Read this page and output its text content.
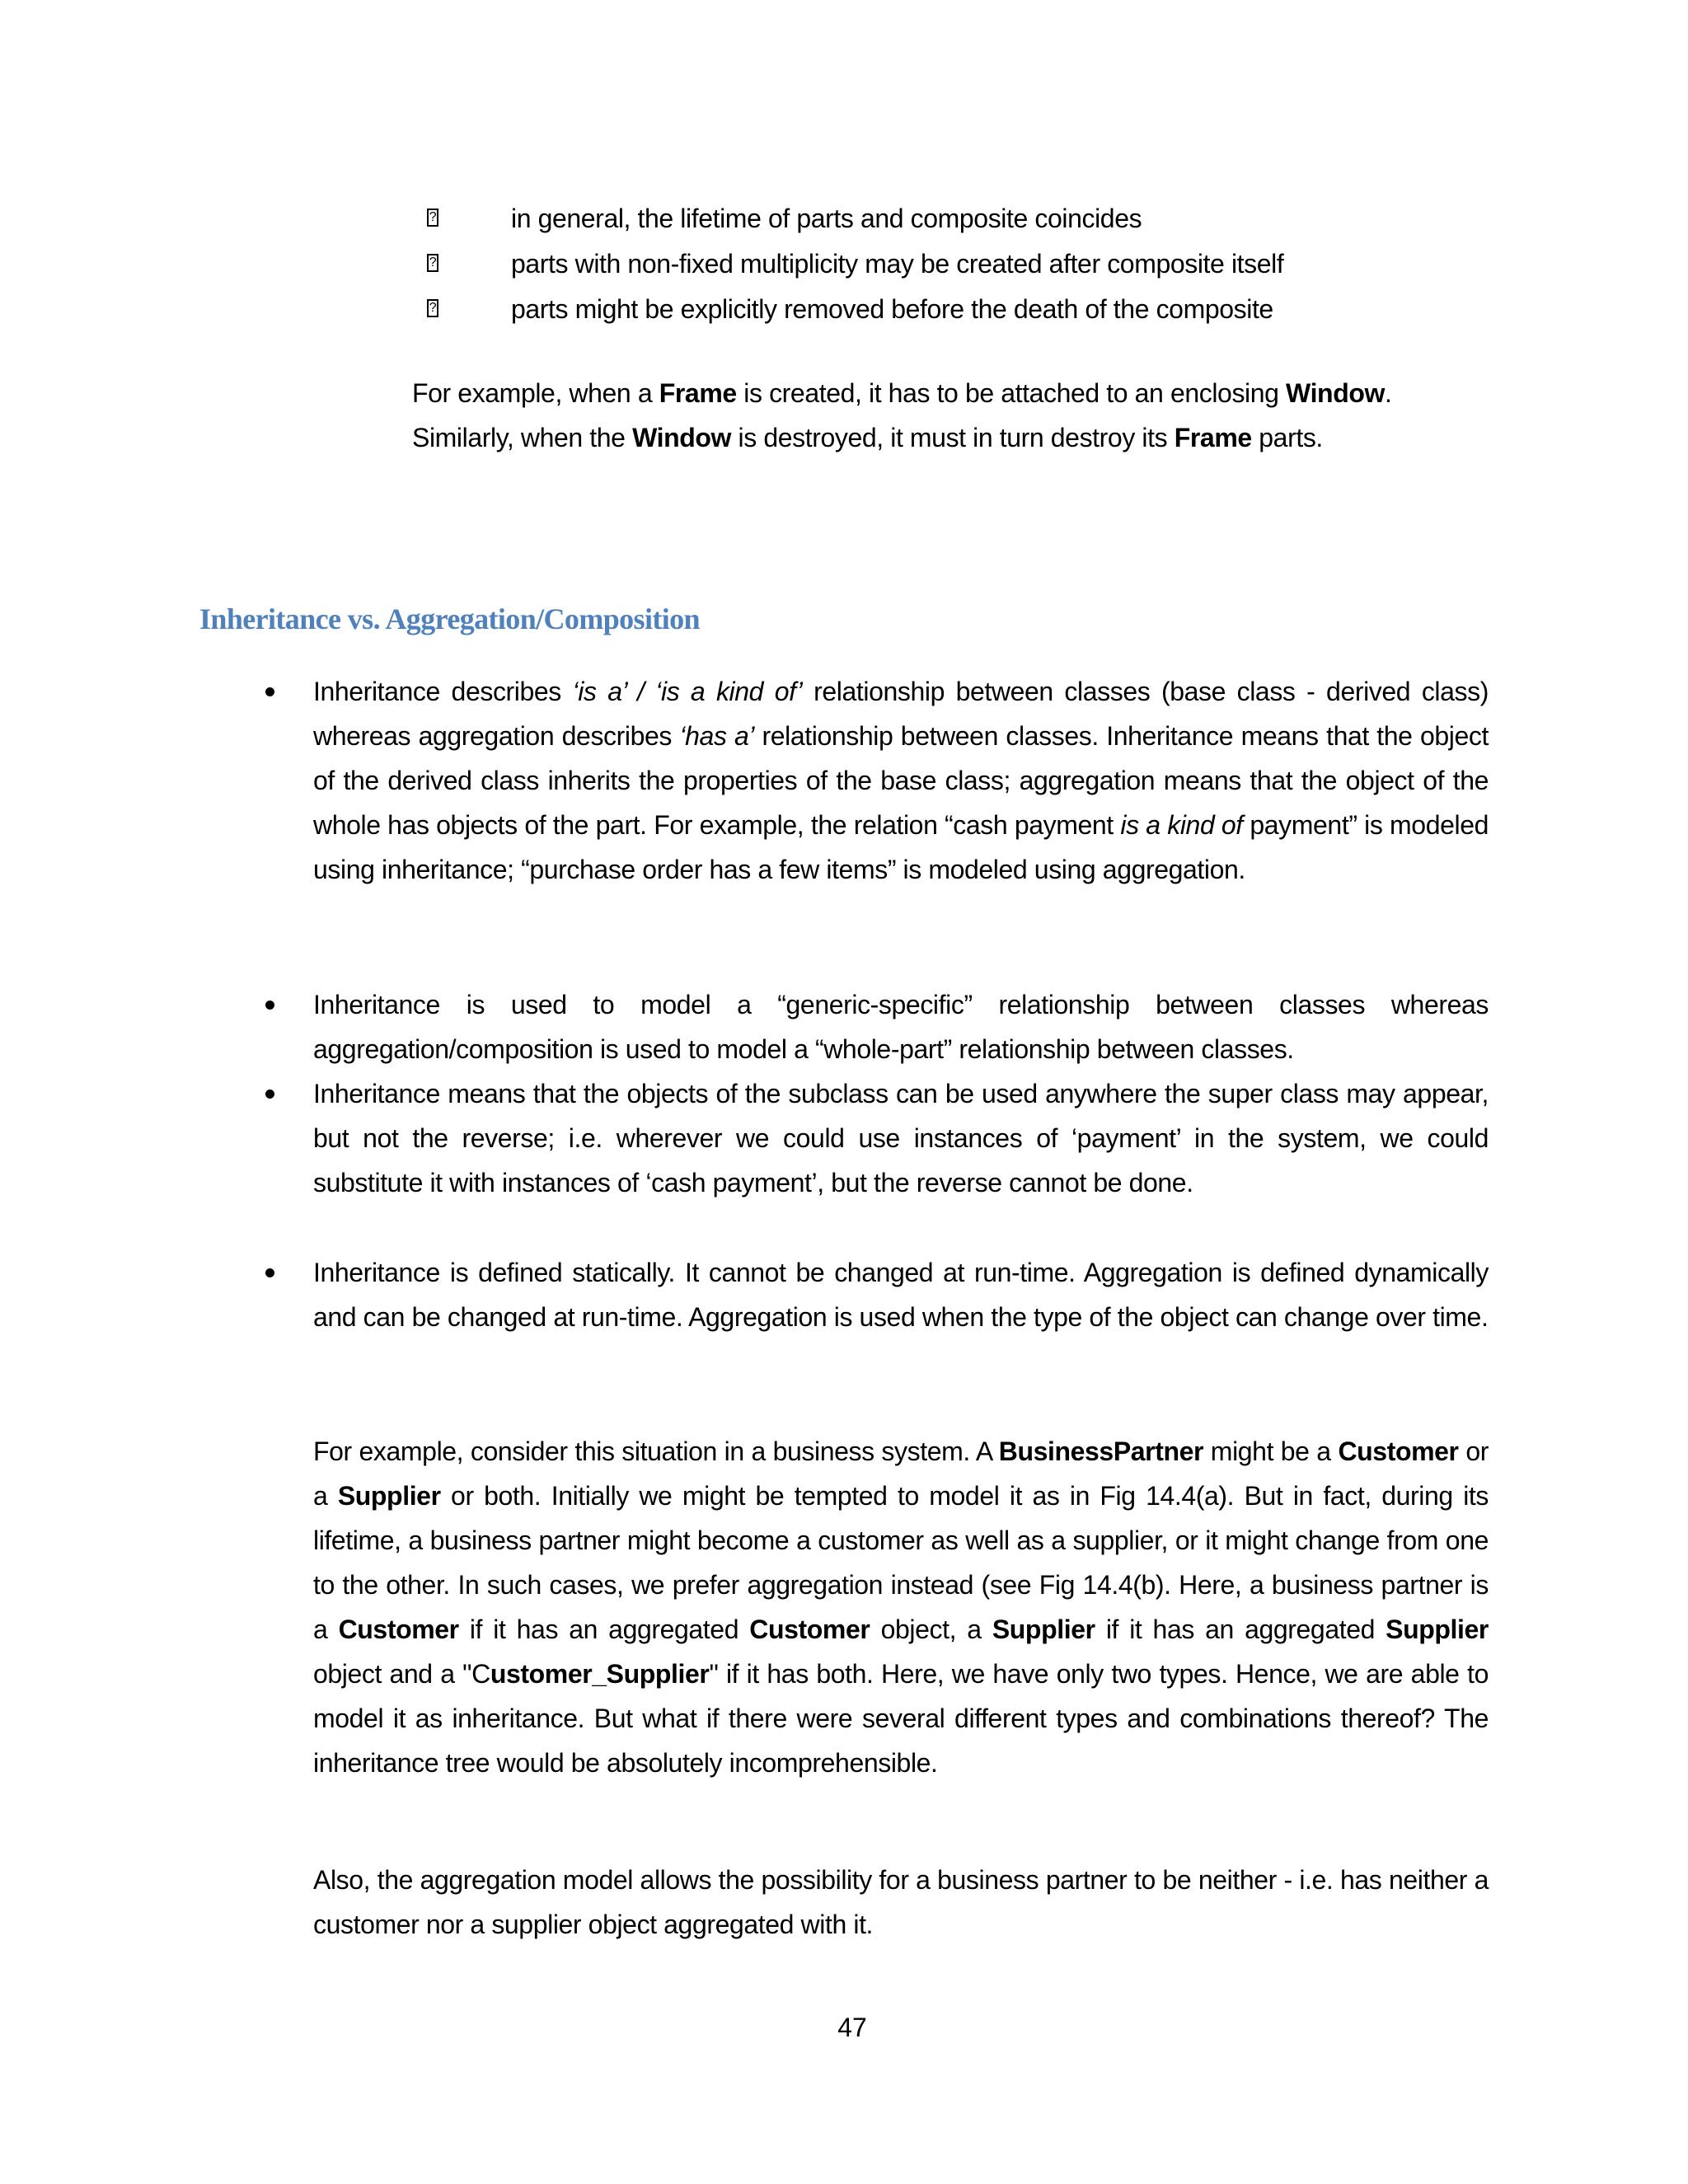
?	in general, the lifetime of parts and composite coincides
?	parts with non-fixed multiplicity may be created after composite itself
?	parts might be explicitly removed before the death of the composite
For example, when a Frame is created, it has to be attached to an enclosing Window. Similarly, when the Window is destroyed, it must in turn destroy its Frame parts.
Inheritance vs. Aggregation/Composition
Inheritance describes ‘is a’ / ‘is a kind of’ relationship between classes (base class - derived class) whereas aggregation describes ‘has a’ relationship between classes. Inheritance means that the object of the derived class inherits the properties of the base class; aggregation means that the object of the whole has objects of the part. For example, the relation “cash payment is a kind of payment” is modeled using inheritance; “purchase order has a few items” is modeled using aggregation.
Inheritance is used to model a “generic-specific” relationship between classes whereas aggregation/composition is used to model a “whole-part” relationship between classes.
Inheritance means that the objects of the subclass can be used anywhere the super class may appear, but not the reverse; i.e. wherever we could use instances of ‘payment’ in the system, we could substitute it with instances of ‘cash payment’, but the reverse cannot be done.
Inheritance is defined statically. It cannot be changed at run-time. Aggregation is defined dynamically and can be changed at run-time. Aggregation is used when the type of the object can change over time.
For example, consider this situation in a business system. A BusinessPartner might be a Customer or a Supplier or both. Initially we might be tempted to model it as in Fig 14.4(a). But in fact, during its lifetime, a business partner might become a customer as well as a supplier, or it might change from one to the other. In such cases, we prefer aggregation instead (see Fig 14.4(b). Here, a business partner is a Customer if it has an aggregated Customer object, a Supplier if it has an aggregated Supplier object and a "Customer_Supplier" if it has both. Here, we have only two types. Hence, we are able to model it as inheritance. But what if there were several different types and combinations thereof? The inheritance tree would be absolutely incomprehensible.
Also, the aggregation model allows the possibility for a business partner to be neither - i.e. has neither a customer nor a supplier object aggregated with it.
47
